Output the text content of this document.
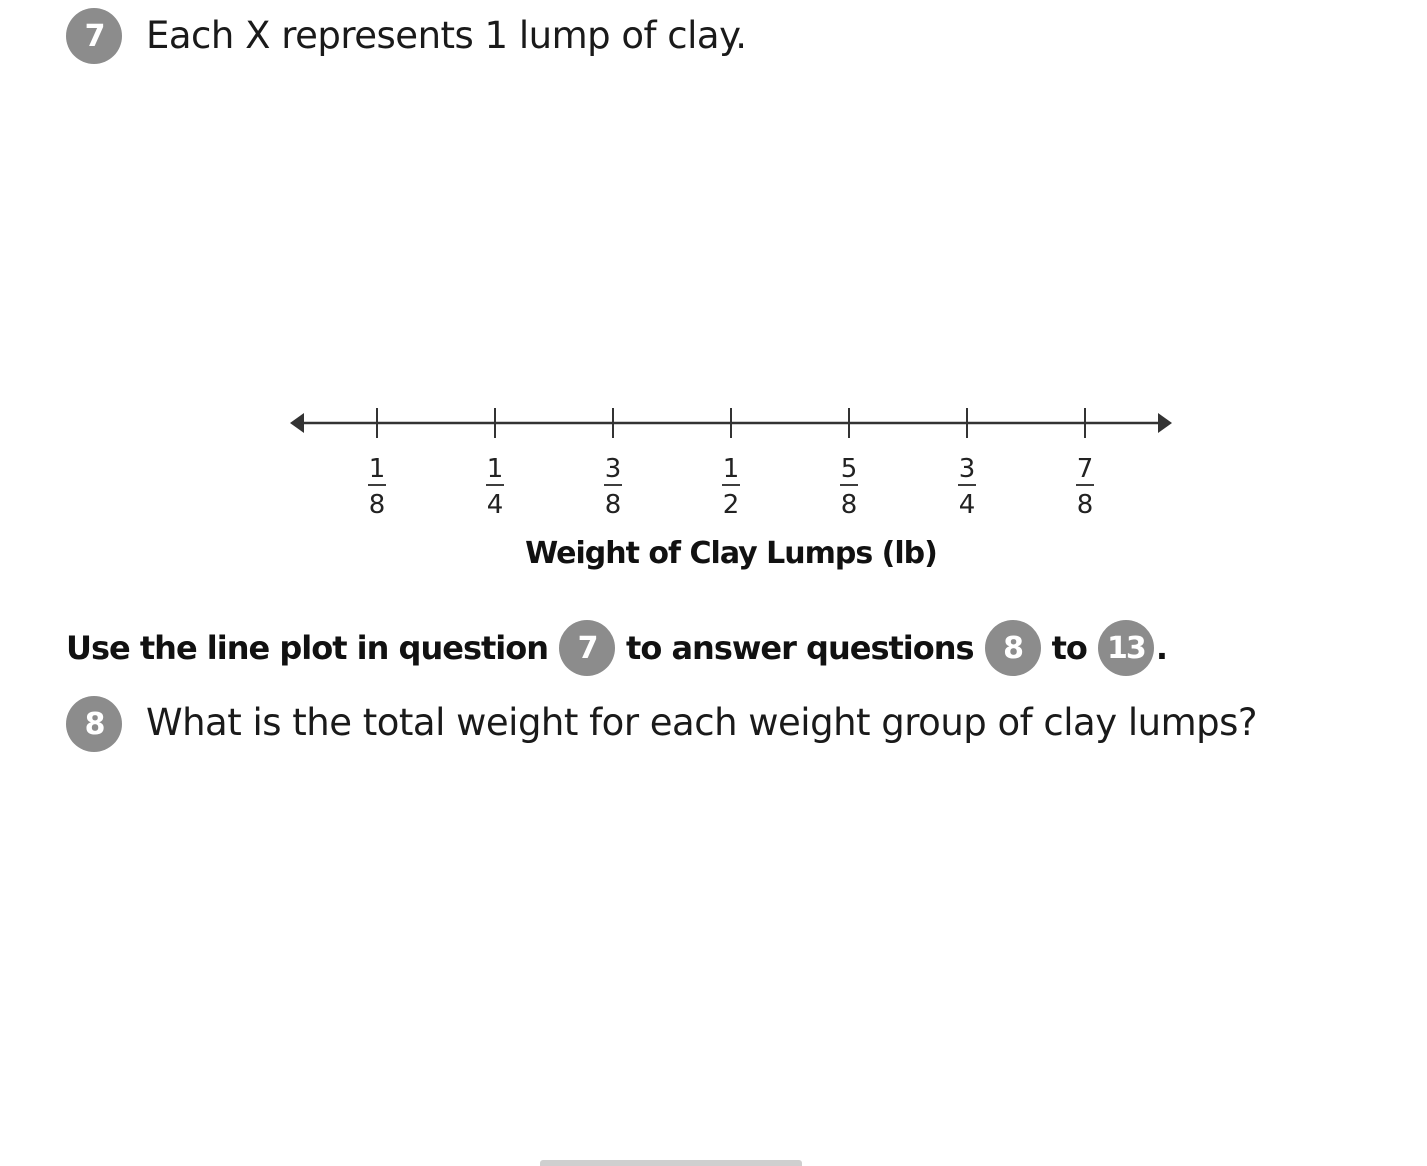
7	Each X represents 1 lump of clay.
1
8
1
4
3
8
1
2
5
8
3
4
7
8
Weight of Clay Lumps (lb)
Use the line plot in question 7 to answer questions 8 to 13 .
8	What is the total weight for each weight group of clay lumps?
